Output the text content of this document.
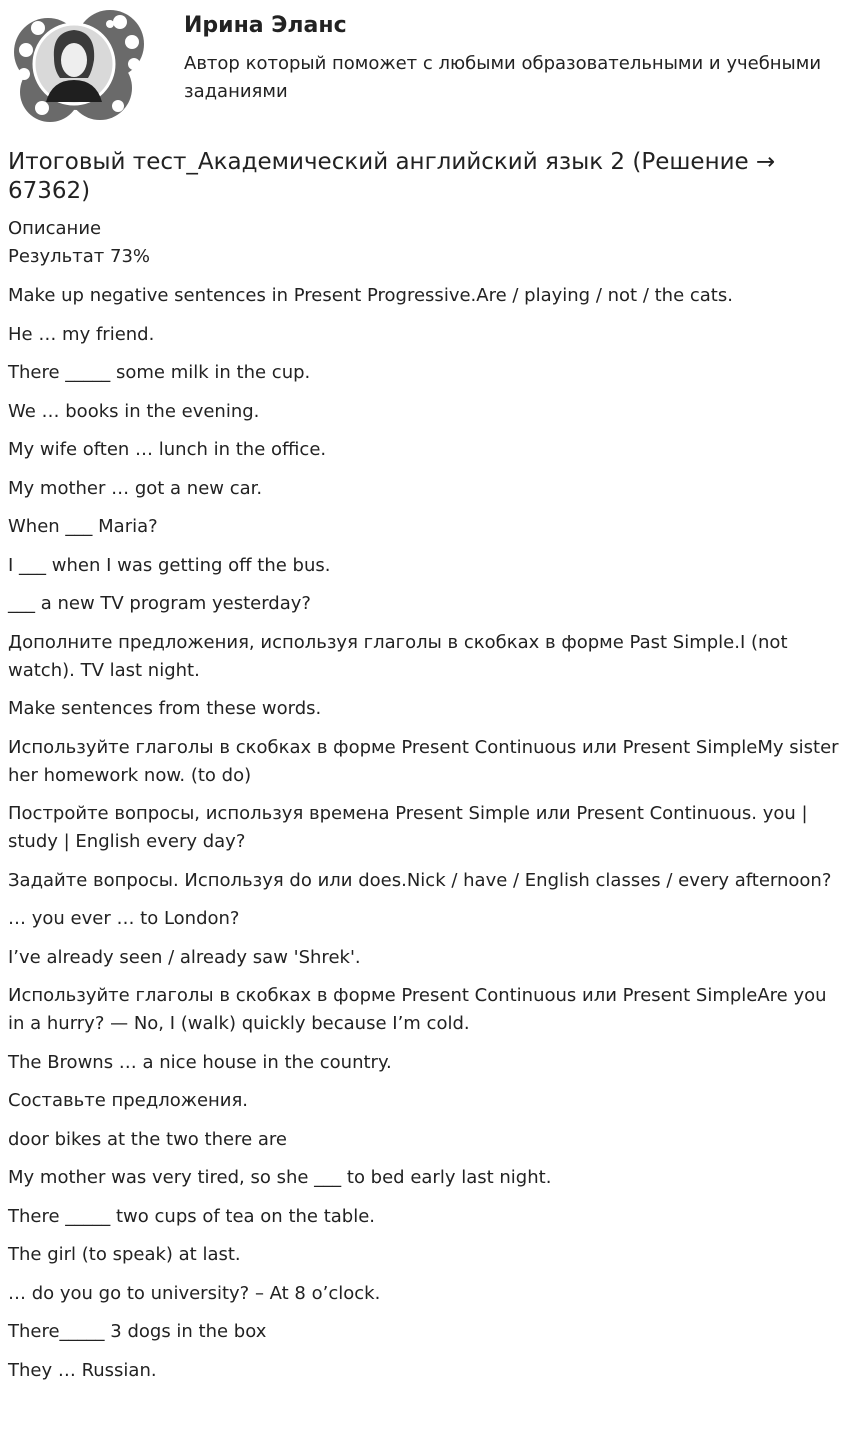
Ирина Эланс
Автор который поможет с любыми образовательными и учебными заданиями
Итоговый тест_Академический английский язык 2 (Решение → 67362)
Описание
Результат 73%
Make up negative sentences in Present Progressive.Are / playing / not / the cats.
He … my friend.
There _____ some milk in the cup.
We … books in the evening.
My wife often … lunch in the office.
My mother … got a new car.
When ___ Maria?
I ___ when I was getting off the bus.
___ a new TV program yesterday?
Дополните предложения, используя глаголы в скобках в форме Past Simple.I (not watch). TV last night.
Make sentences from these words.
Используйте глаголы в скобках в форме Present Continuous или Present SimpleMy sister her homework now. (to do)
Постройте вопросы, используя времена Present Simple или Present Continuous. you | study | English every day?
Задайте вопросы. Используя do или does.Nick / have / English classes / every afternoon?
… you ever … to London?
I’ve already seen / already saw 'Shrek'.
Используйте глаголы в скобках в форме Present Continuous или Present SimpleAre you in a hurry? — No, I (walk) quickly because I’m cold.
The Browns … a nice house in the country.
Составьте предложения.
door bikes at the two there are
My mother was very tired, so she ___ to bed early last night.
There _____ two cups of tea on the table.
The girl (to speak) at last.
… do you go to university? – At 8 o’clock.
There_____ 3 dogs in the box
They … Russian.
